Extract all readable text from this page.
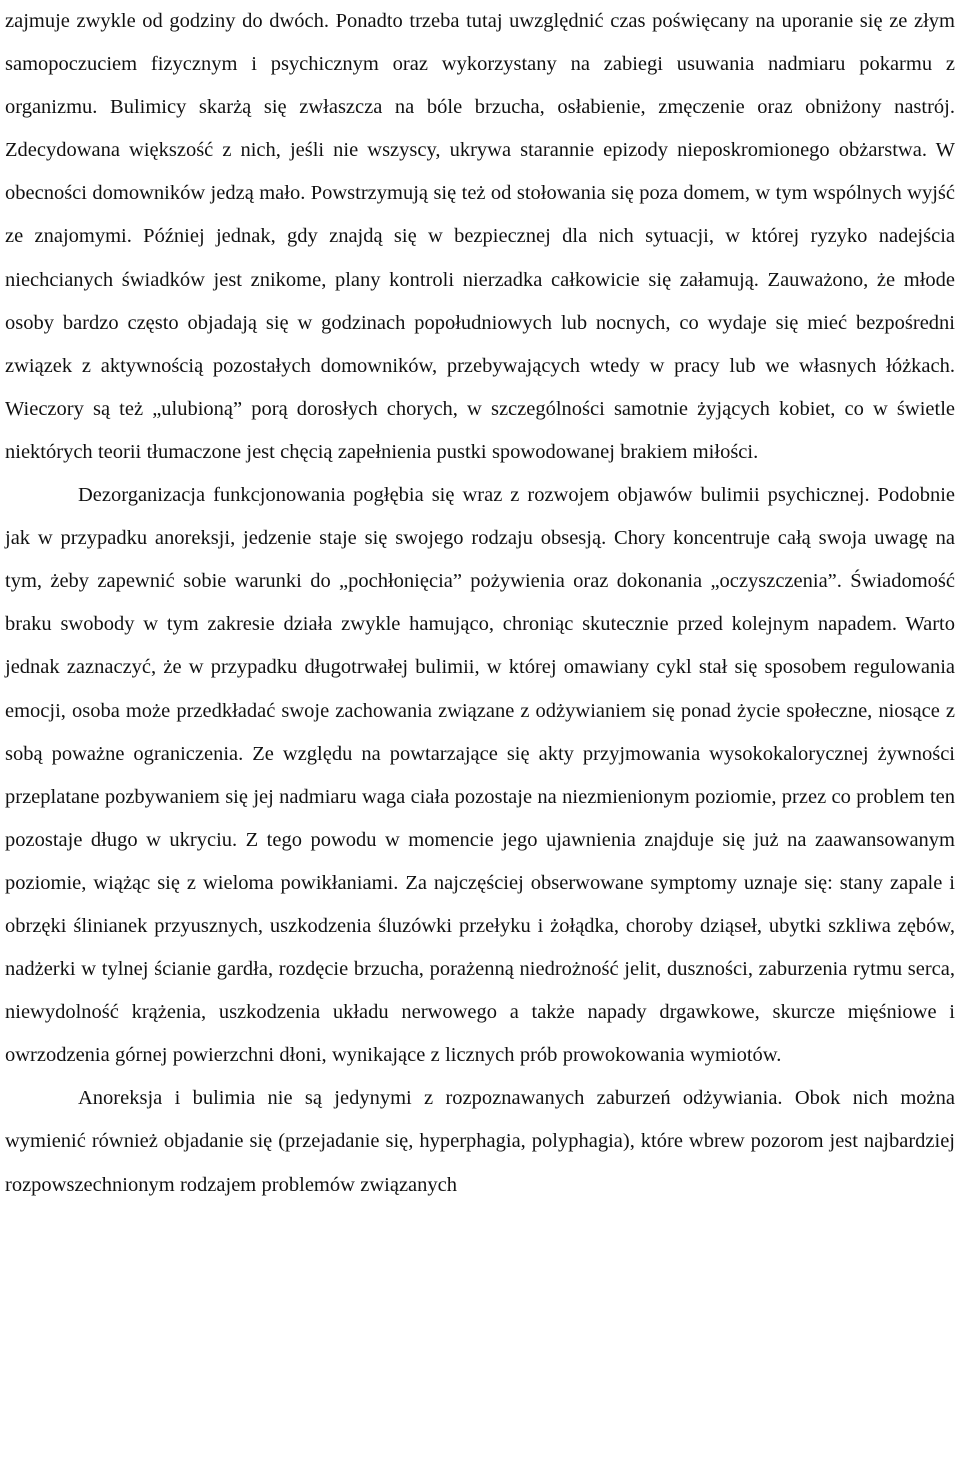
zajmuje zwykle od godziny do dwóch. Ponadto trzeba tutaj uwzględnić czas poświęcany na uporanie się ze złym samopoczuciem fizycznym i psychicznym oraz wykorzystany na zabiegi usuwania nadmiaru pokarmu z organizmu. Bulimicy skarżą się zwłaszcza na bóle brzucha, osłabienie, zmęczenie oraz obniżony nastrój. Zdecydowana większość z nich, jeśli nie wszyscy, ukrywa starannie epizody nieposkromionego obżarstwa. W obecności domowników jedzą mało. Powstrzymują się też od stołowania się poza domem, w tym wspólnych wyjść ze znajomymi. Później jednak, gdy znajdą się w bezpiecznej dla nich sytuacji, w której ryzyko nadejścia niechcianych świadków jest znikome, plany kontroli nierzadka całkowicie się załamują. Zauważono, że młode osoby bardzo często objadają się w godzinach popołudniowych lub nocnych, co wydaje się mieć bezpośredni związek z aktywnością pozostałych domowników, przebywających wtedy w pracy lub we własnych łóżkach. Wieczory są też „ulubioną” porą dorosłych chorych, w szczególności samotnie żyjących kobiet, co w świetle niektórych teorii tłumaczone jest chęcią zapełnienia pustki spowodowanej brakiem miłości.

Dezorganizacja funkcjonowania pogłębia się wraz z rozwojem objawów bulimii psychicznej. Podobnie jak w przypadku anoreksji, jedzenie staje się swojego rodzaju obsesją. Chory koncentruje całą swoja uwagę na tym, żeby zapewnić sobie warunki do „pochłonięcia” pożywienia oraz dokonania „oczyszczenia”. Świadomość braku swobody w tym zakresie działa zwykle hamująco, chroniąc skutecznie przed kolejnym napadem. Warto jednak zaznaczyć, że w przypadku długotrwałej bulimii, w której omawiany cykl stał się sposobem regulowania emocji, osoba może przedkładać swoje zachowania związane z odżywianiem się ponad życie społeczne, niosące z sobą poważne ograniczenia. Ze względu na powtarzające się akty przyjmowania wysokokalorycznej żywności przeplatane pozbywaniem się jej nadmiaru waga ciała pozostaje na niezmienionym poziomie, przez co problem ten pozostaje długo w ukryciu. Z tego powodu w momencie jego ujawnienia znajduje się już na zaawansowanym poziomie, wiążąc się z wieloma powikłaniami. Za najczęściej obserwowane symptomy uznaje się: stany zapale i obrzęki ślinianek przyusznych, uszkodzenia śluzówki przełyku i żołądka, choroby dziąseł, ubytki szkliwa zębów, nadżerki w tylnej ścianie gardła, rozdęcie brzucha, porażenną niedrożność jelit, duszności, zaburzenia rytmu serca, niewydolność krążenia, uszkodzenia układu nerwowego a także napady drgawkowe, skurcze mięśniowe i owrzodzenia górnej powierzchni dłoni, wynikające z licznych prób prowokowania wymiotów.

Anoreksja i bulimia nie są jedynymi z rozpoznawanych zaburzeń odżywiania. Obok nich można wymienić również objadanie się (przejadanie się, hyperphagia, polyphagia), które wbrew pozorom jest najbardziej rozpowszechnionym rodzajem problemów związanych
